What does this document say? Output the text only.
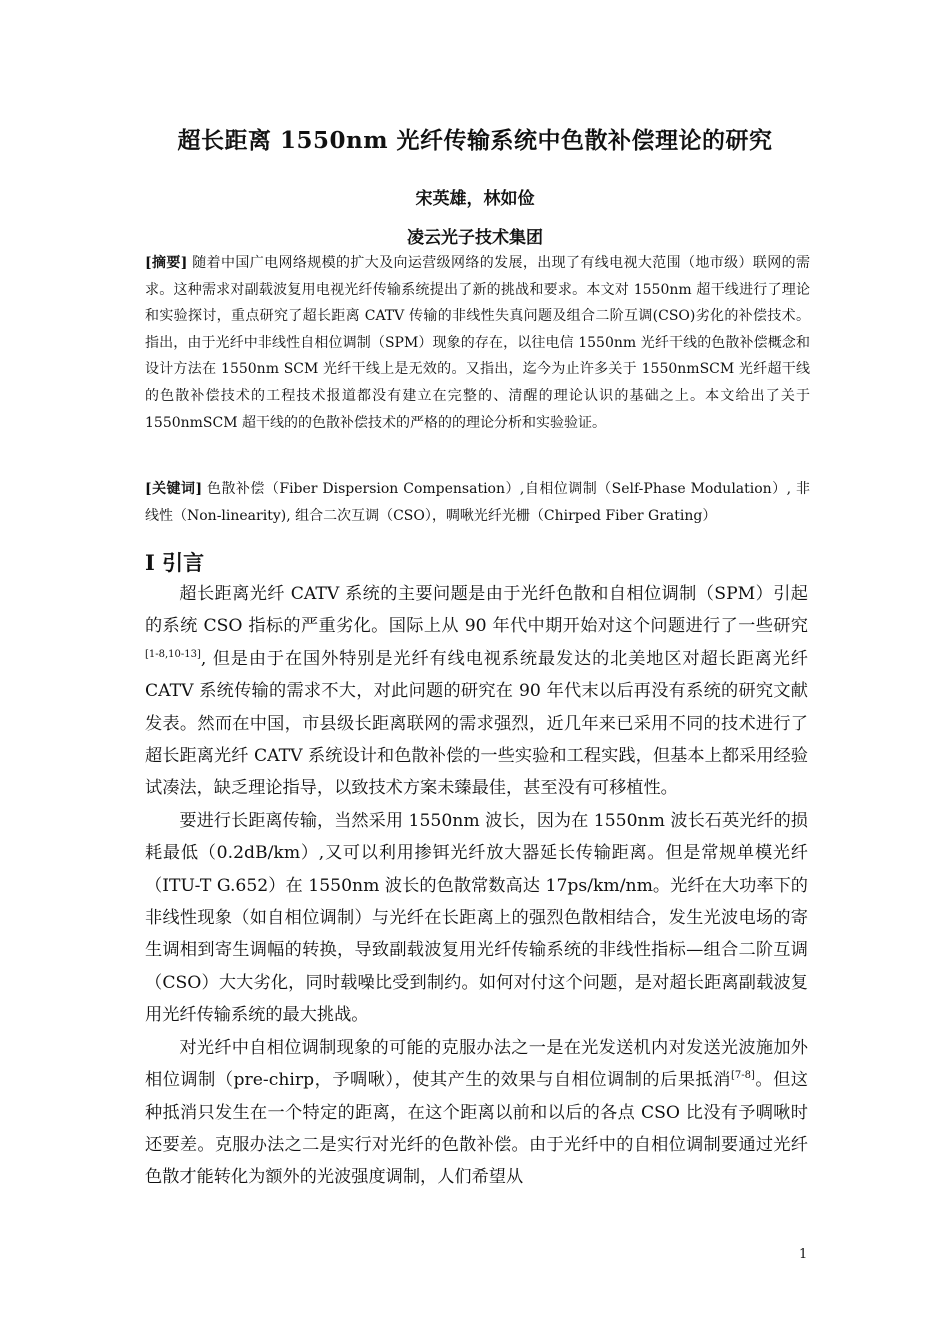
超长距离 1550nm 光纤传输系统中色散补偿理论的研究
宋英雄，林如俭
凌云光子技术集团
[摘要] 随着中国广电网络规模的扩大及向运营级网络的发展，出现了有线电视大范围（地市级）联网的需求。这种需求对副载波复用电视光纤传输系统提出了新的挑战和要求。本文对 1550nm 超干线进行了理论和实验探讨，重点研究了超长距离 CATV 传输的非线性失真问题及组合二阶互调(CSO)劣化的补偿技术。指出，由于光纤中非线性自相位调制（SPM）现象的存在，以往电信 1550nm 光纤干线的色散补偿概念和设计方法在 1550nm SCM 光纤干线上是无效的。又指出，迄今为止许多关于 1550nmSCM 光纤超干线的色散补偿技术的工程技术报道都没有建立在完整的、清醒的理论认识的基础之上。本文给出了关于 1550nmSCM 超干线的的色散补偿技术的严格的的理论分析和实验验证。
[关键词] 色散补偿（Fiber Dispersion Compensation）,自相位调制（Self-Phase Modulation）, 非线性（Non-linearity), 组合二次互调（CSO），啁啾光纤光栅（Chirped Fiber Grating）
I 引言

超长距离光纤 CATV 系统的主要问题是由于光纤色散和自相位调制（SPM）引起的系统 CSO 指标的严重劣化。国际上从 90 年代中期开始对这个问题进行了一些研究[1-8,10-13], 但是由于在国外特别是光纤有线电视系统最发达的北美地区对超长距离光纤 CATV 系统传输的需求不大，对此问题的研究在 90 年代末以后再没有系统的研究文献发表。然而在中国，市县级长距离联网的需求强烈，近几年来已采用不同的技术进行了超长距离光纤 CATV 系统设计和色散补偿的一些实验和工程实践，但基本上都采用经验试凑法，缺乏理论指导，以致技术方案未臻最佳，甚至没有可移植性。

要进行长距离传输，当然采用 1550nm 波长，因为在 1550nm 波长石英光纤的损耗最低（0.2dB/km）,又可以利用掺铒光纤放大器延长传输距离。但是常规单模光纤（ITU-T G.652）在 1550nm 波长的色散常数高达 17ps/km/nm。光纤在大功率下的非线性现象（如自相位调制）与光纤在长距离上的强烈色散相结合，发生光波电场的寄生调相到寄生调幅的转换，导致副载波复用光纤传输系统的非线性指标—组合二阶互调（CSO）大大劣化，同时载噪比受到制约。如何对付这个问题，是对超长距离副载波复用光纤传输系统的最大挑战。

对光纤中自相位调制现象的可能的克服办法之一是在光发送机内对发送光波施加外相位调制（pre-chirp，予啁啾），使其产生的效果与自相位调制的后果抵消[7-8]。但这种抵消只发生在一个特定的距离，在这个距离以前和以后的各点 CSO 比没有予啁啾时还要差。克服办法之二是实行对光纤的色散补偿。由于光纤中的自相位调制要通过光纤色散才能转化为额外的光波强度调制，人们希望从

1
